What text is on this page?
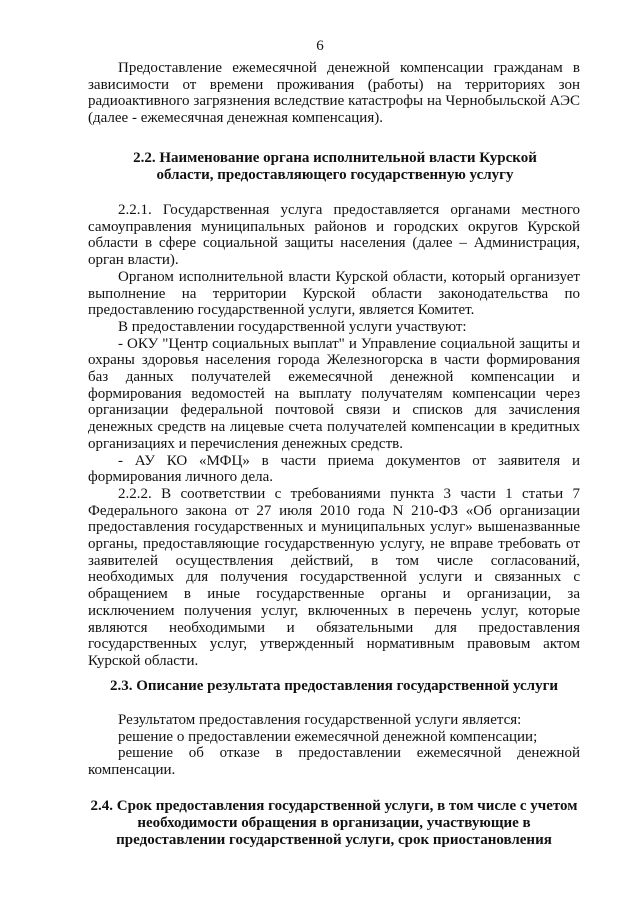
6

Предоставление ежемесячной денежной компенсации гражданам в зависимости от времени проживания (работы) на территориях зон радиоактивного загрязнения вследствие катастрофы на Чернобыльской АЭС (далее - ежемесячная денежная компенсация).

2.2. Наименование органа исполнительной власти Курской области, предоставляющего государственную услугу

2.2.1. Государственная услуга предоставляется органами местного самоуправления муниципальных районов и городских округов Курской области в сфере социальной защиты населения (далее – Администрация, орган власти).

Органом исполнительной власти Курской области, который организует выполнение на территории Курской области законодательства по предоставлению государственной услуги, является Комитет.

В предоставлении государственной услуги участвуют:

- ОКУ "Центр социальных выплат" и Управление социальной защиты и охраны здоровья населения города Железногорска в части формирования баз данных получателей ежемесячной денежной компенсации и формирования ведомостей на выплату получателям компенсации через организации федеральной почтовой связи и списков для зачисления денежных средств на лицевые счета получателей компенсации в кредитных организациях и перечисления денежных средств.

- АУ КО «МФЦ» в части приема документов от заявителя и формирования личного дела.

2.2.2. В соответствии с требованиями пункта 3 части 1 статьи 7 Федерального закона от 27 июля 2010 года N 210-ФЗ «Об организации предоставления государственных и муниципальных услуг» вышеназванные органы, предоставляющие государственную услугу, не вправе требовать от заявителей осуществления действий, в том числе согласований, необходимых для получения государственной услуги и связанных с обращением в иные государственные органы и организации, за исключением получения услуг, включенных в перечень услуг, которые являются необходимыми и обязательными для предоставления государственных услуг, утвержденный нормативным правовым актом Курской области.

2.3. Описание результата предоставления государственной услуги

Результатом предоставления государственной услуги является:

решение о предоставлении ежемесячной денежной компенсации;

решение об отказе в предоставлении ежемесячной денежной компенсации.

2.4. Срок предоставления государственной услуги, в том числе с учетом необходимости обращения в организации, участвующие в предоставлении государственной услуги, срок приостановления
